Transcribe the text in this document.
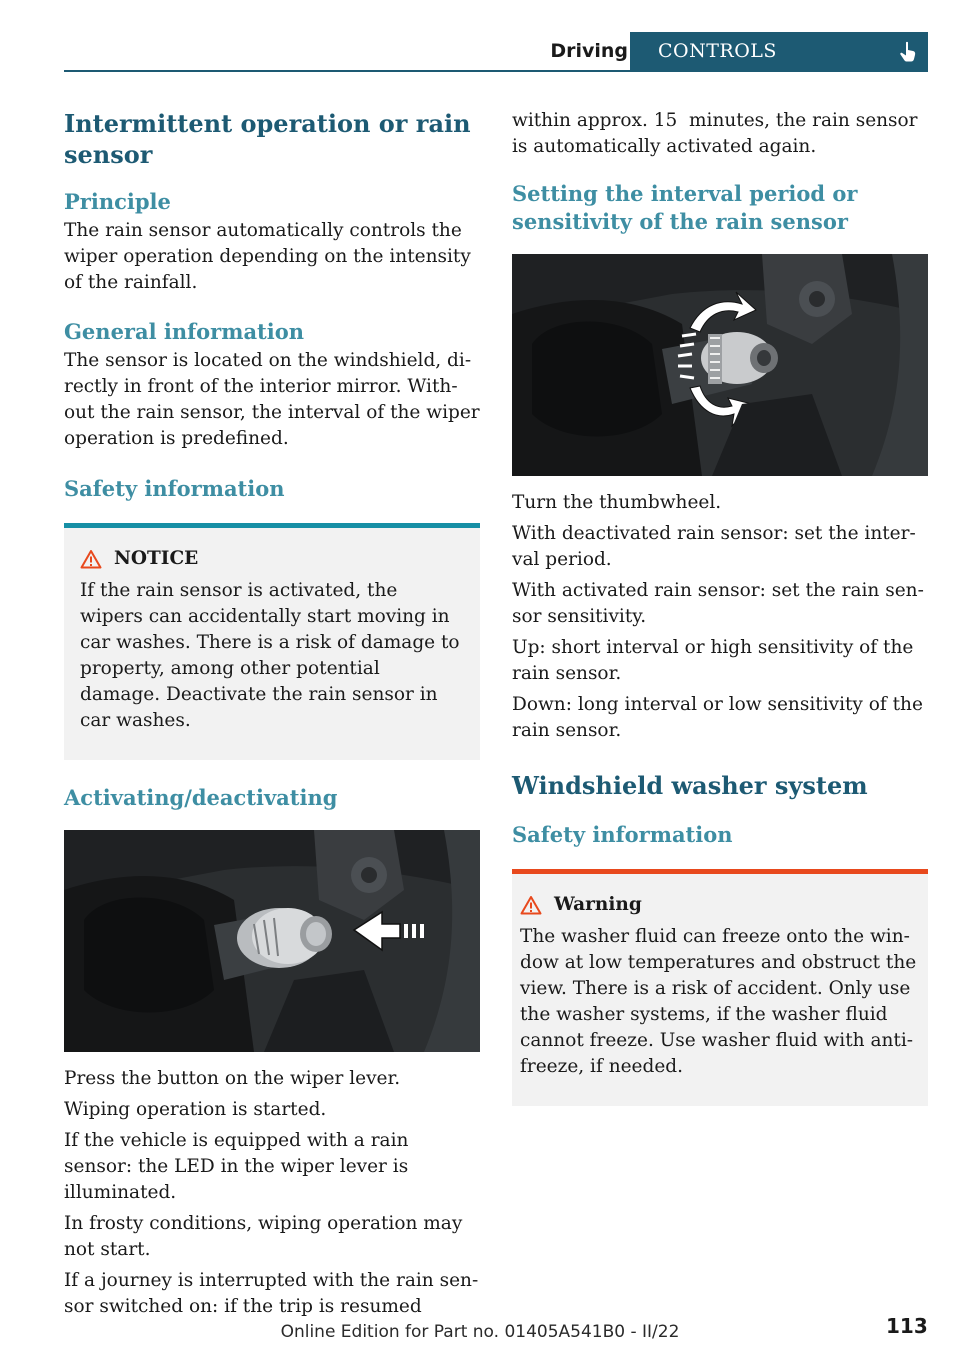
Driving	CONTROLS
Intermittent operation or rain sensor
Principle

The rain sensor automatically controls the wiper operation depending on the intensity of the rainfall.

General information

The sensor is located on the windshield, directly in front of the interior mirror. Without the rain sensor, the interval of the wiper operation is predefined.

Safety information
NOTICE

If the rain sensor is activated, the wipers can accidentally start moving in car washes. There is a risk of damage to property, among other potential damage. Deactivate the rain sensor in car washes.

Activating/deactivating

Press the button on the wiper lever.

Wiping operation is started.

If the vehicle is equipped with a rain sensor: the LED in the wiper lever is illuminated.

In frosty conditions, wiping operation may not start.

If a journey is interrupted with the rain sensor switched on: if the trip is resumed

within approx. 15  minutes, the rain sensor is automatically activated again.

Setting the interval period or sensitivity of the rain sensor

Turn the thumbwheel.

With deactivated rain sensor: set the interval period.

With activated rain sensor: set the rain sensor sensitivity.

Up: short interval or high sensitivity of the rain sensor.

Down: long interval or low sensitivity of the rain sensor.

Windshield washer system
Safety information
Warning

The washer fluid can freeze onto the window at low temperatures and obstruct the view. There is a risk of accident. Only use the washer systems, if the washer fluid cannot freeze. Use washer fluid with antifreeze, if needed.

113
Online Edition for Part no. 01405A541B0 - II/22
